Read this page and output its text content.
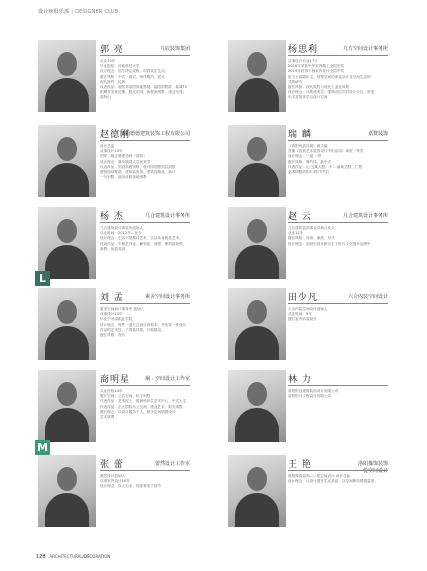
设计师俱乐部 | DESIGNER CLUB
郭 亮	九辰装饰集团
从业10年
毕业院校：河南科技大学
设计理念：细节决定成败，用我来定生活。
擅长风格：中式、欧式、现代简约、混式
现代简约、轻奢
代表作品：洛阳邦洛阳领地售楼、福阳别墅群、新城TV
阳腾开发家长楼、阳光花园、新程润别墅、建业写显、
索特山
杨思利	九方空间设计事务所
从事设计行业17年
2018年荣获中华室内精工全国中奖
2019年获得干海室内设计全国中奖
致力于高端私宅，别墅空间的家装设计及空间生活的
式的研究
擅长风格：现代简约与现代工业化风格
设计理念：以集建美学，强调各层次的设计分区，营造
出丰富的美学与设计空间
赵德刚
洛阳德德建筑装饰工程有限公司
设计总监
从事设计15年
国家二级注册建造师（建筑）
设计理念：简出境超大空间美学
代表作品：国设高级别墅、牡丹园别墅顶层别墅
德恒园别墅群、建筑装饰顶、建筑现精品，新口
一号别墅、福舍洛阳领地别墅
瑞 麟	嘉赞装饰
《洛阳优质环境》副主编
首期《首班艺术装饰设计中的应用》章贺一等奖
设计理念：一屋 一景
擅长风格：简约风、新中式
代表作品：山·云寓大墅、不二·新新造墅、仁墅
艺术园墅洛阳5·5阳节约打
杨 杰	几合建筑设计事务所
几合建筑设计事务所创始人
从业时间：2012年—至今
设计理念：生活不是做设艺术，生活本身就是艺术。
代表作品：中相艺刊室、紫领郎、西墅、保利碧新苑、
新墅、优质花园
赵 云	几合建筑设计事务所
几合建筑装饰事业对新合伙人
从业11年
擅长风格：现场、流派、形式
设计理念：创设出设计源自生于时代文化提升品牌中
刘 孟	素舍空间设计事务所
素舍空间设计事务所 创始人
从事设计13年
毕业于河南职业学院
设计理念：每件一道专注设计的根本，突出每一件设计
作品的艺术性，不着装效果，只做精品。
擅长风格：现代
田少凡	六合内装空间设计
六合内装空间设计创始人
从业时间：9年
擅长室内软装设计
商明星	阑 · 空间设计工作室
从业经验10年
擅长空间：公共空间、私宅别墅
代表作品：艺术泥土、德润科环生艺术中心、中式大宅
代表作品：正大国际办公空间、建业艺术、阳光别墅
擅长理念：以设计服务于人，赋予空间情感设计
艺术氛围
林 力
洛阳恒远建筑装饰设计有限公司
洛阳恒开工程设计有限公司
张 蕾	蕾然设计工作室
蕾然设计创始人
从事室内设计15年
设计理念：以人为本，细部事成于细节
王 艳	洛阳豫饰装饰
—悦空间设计
洛阳豫饰装饰——悦空间设计 设计总监
设计理念：让设计提升生活品质，以空间释放情感温度。
L
M
128 ARCHITECTURAL/DECORATION
